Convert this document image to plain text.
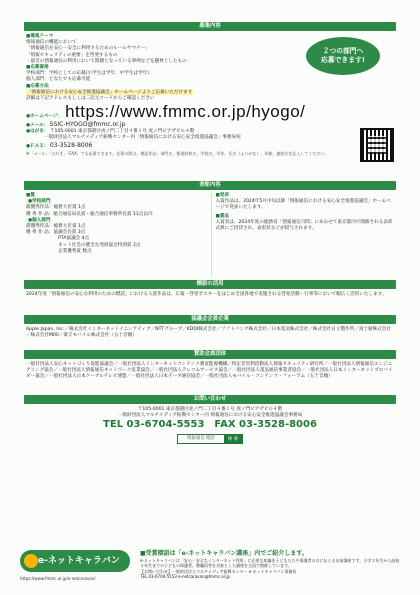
募集内容
２つの部門へ
応募できます!
■募集テーマ
情報通信の機能において
「情報通信を安心・安全に利用するためのルールやマナー」
「情報セキュリティの重要」を啓発するもの
・最近の情報通信の利用において問題となっている事例などを題材としたもの
■応募資格
学校部門：学校としての応募(小学生は学年、中学生は学年)
個人部門：どなたでも応募可能
■応募方法
「情報通信における安心安全推進協議会」ホームページよりご応募いただけます
詳細は下記アドレスもしくは二次元コードからご確認ください
●ホームページ： https://www.fmmc.or.jp/hyogo/
●メール： SSIC-HYOGO@fmmc.or.jp
●はがき： 〒105-0001 東京都港区虎ノ門二丁目４番１号 虎ノ門ピアザビル４階
一般財団法人マルチメディア振興センター内「情報通信における安心安全推進協議会」事務局宛
●ＦＡＸ： 03-3528-8006
※「メール」「はがき」「FAX」でも応募できます。応募の際は、標語作品、部門名、都道府県名、学校名、学年、氏名（ふりがな）、年齢、連絡先を記入してください。
表彰内容
■賞
●学校部門
最優秀作品：総務大臣賞 1点
優 秀 作 品：総合通信局長賞・総合通信事務所長賞 11点以内
●個人部門
最優秀作品：総務大臣賞 1点
優 秀 作 品：協議会長賞 3点
PTA協議会 4点
ネット社会の健全な発展協会特別賞 2点
企業優秀賞 数点
■発表
入賞作品は、2024年5月中旬以降「情報通信における安心安全推進協議会」ホームページで発表いたします。
■賞品
入賞者は、2024年度の総務省「情報通信月間」にあわせて東京都内で開催される表彰式典にご招待され、表彰状などが授与されます。
標語の活用
2024年度「情報通信の安心な利用のための標語」における入賞作品は、広報・啓発ポスターをはじめ全国各地で実施される啓発活動・行事等において幅広く活用いたします。
協議会会員企業
Apple Japan, Inc.／株式会社インターネットイニシアティブ／NTTグループ／KDDI株式会社／ソフトバンク株式会社／日本電気株式会社／株式会社日立製作所／富士通株式会社／株式会社MIXI／楽天モバイル株式会社（五十音順）
賛助会員団体
一般社団法人安心ネットづくり促進協議会／一般社団法人インターネットコンテンツ審査監視機構／特定非営利活動法人情報セキュリティ研究所／一般社団法人情報通信エンジニアリング協会／一般社団法人情報通信ネットワーク産業協会／一般社団法人テレコムサービス協会／一般社団法人電気通信事業者協会／一般社団法人日本インターネットプロバイダー協会／一般社団法人日本ケーブルテレビ連盟／一般社団法人日本データ通信協会／一般社団法人モバイル・コンテンツ・フォーラム（五十音順）
お問い合わせ
〒105-0001 東京都港区虎ノ門二丁目４番１号 虎ノ門ピアザビル４階
一般財団法人マルチメディア振興センター内 情報通信における安心安全推進協議会事務局
TEL 03-6704-5553　FAX 03-3528-8006
情報通信 標語	検 索
e-ネットキャラバン
https://www.fmmc.or.jp/e-netcaravan/
■受賞標語は「e-ネットキャラバン講座」内でご紹介します。
e-ネットキャラバンは「安心・安全なインターネット利用」に必要な知識を子どもたちや保護者の方に伝える出前講座です。小学３年生から高校３年生までの子どもの保護者、教職員等を対象とした講座を全国で開催しています。
【お問い合わせ】一般財団法人マルチメディア振興センター e-ネットキャラバン事務局
TEL.03-6704-5553 e-netcaravan@fmmc.or.jp
